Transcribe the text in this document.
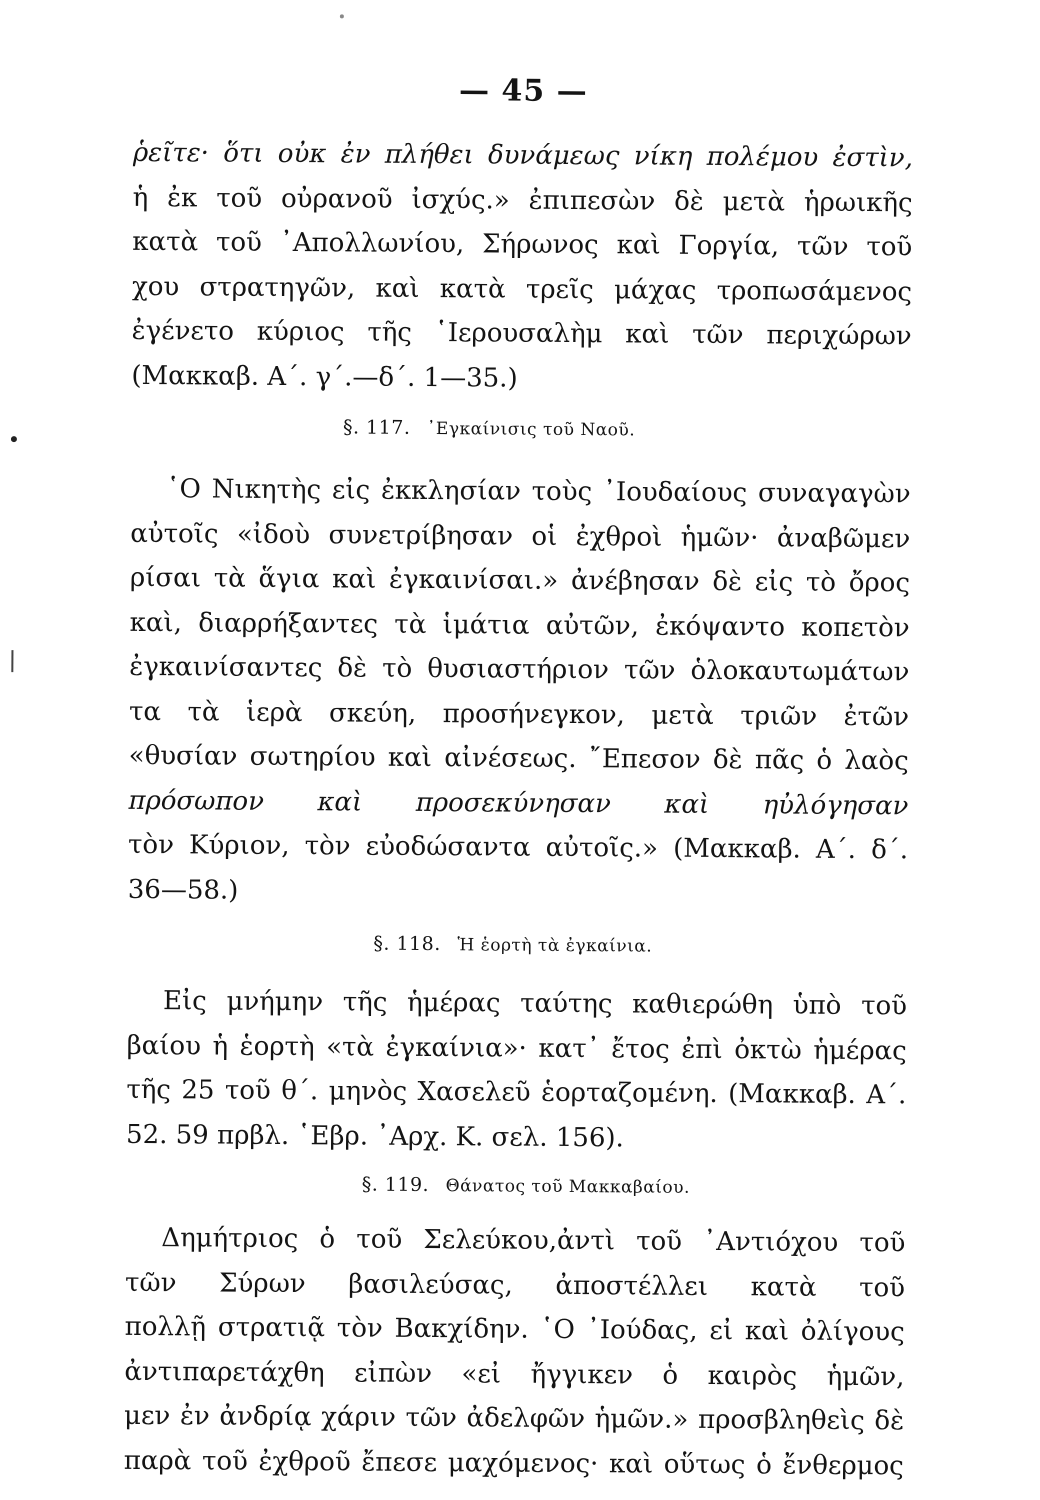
— 45 —
ῥεῖτε· ὅτι οὐκ ἐν πλήθει δυνάμεως νίκη πολέμου ἐστὶν,
ἡ ἐκ τοῦ οὐρανοῦ ἰσχύς.» ἐπιπεσὼν δὲ μετὰ ἡρωικῆς
κατὰ τοῦ ᾿Απολλωνίου, Σήρωνος καὶ Γοργία, τῶν τοῦ
χου στρατηγῶν, καὶ κατὰ τρεῖς μάχας τροπωσάμενος
ἐγένετο κύριος τῆς ῾Ιερουσαλὴμ καὶ τῶν περιχώρων
(Μακκαβ. Α΄. γ΄.—δ΄. 1—35.)
§. 117. ᾿Εγκαίνισις τοῦ Ναοῦ.
῾Ο Νικητὴς εἰς ἐκκλησίαν τοὺς ᾿Ιουδαίους συναγαγὼν
αὐτοῖς «ἰδοὺ συνετρίβησαν οἱ ἐχθροὶ ἡμῶν· ἀναβῶμεν
ρίσαι τὰ ἅγια καὶ ἐγκαινίσαι.» ἀνέβησαν δὲ εἰς τὸ ὄρος
καὶ, διαρρήξαντες τὰ ἱμάτια αὐτῶν, ἐκόψαντο κοπετὸν
ἐγκαινίσαντες δὲ τὸ θυσιαστήριον τῶν ὁλοκαυτωμάτων
τα τὰ ἱερὰ σκεύη, προσήνεγκον, μετὰ τριῶν ἐτῶν
«θυσίαν σωτηρίου καὶ αἰνέσεως. ῎Επεσον δὲ πᾶς ὁ λαὸς
πρόσωπον καὶ προσεκύνησαν καὶ ηὐλόγησαν
τὸν Κύριον, τὸν εὐοδώσαντα αὐτοῖς.» (Μακκαβ. Α΄. δ΄.
36—58.)
§. 118. Ἡ ἑορτὴ τὰ ἐγκαίνια.
Εἰς μνήμην τῆς ἡμέρας ταύτης καθιερώθη ὑπὸ τοῦ
βαίου ἡ ἑορτὴ «τὰ ἐγκαίνια»· κατ᾿ ἔτος ἐπὶ ὀκτὼ ἡμέρας
τῆς 25 τοῦ θ΄. μηνὸς Χασελεῦ ἑορταζομένη. (Μακκαβ. Α΄.
52. 59 πρβλ. ῾Εβρ. ᾿Αρχ. Κ. σελ. 156).
§. 119. Θάνατος τοῦ Μακκαβαίου.
Δημήτριος ὁ τοῦ Σελεύκου,ἀντὶ τοῦ ᾿Αντιόχου τοῦ
τῶν Σύρων βασιλεύσας, ἀποστέλλει κατὰ τοῦ
πολλῇ στρατιᾷ τὸν Βακχίδην. ῾Ο ᾿Ιούδας, εἰ καὶ ὀλίγους
ἀντιπαρετάχθη εἰπὼν «εἰ ἤγγικεν ὁ καιρὸς ἡμῶν,
μεν ἐν ἀνδρίᾳ χάριν τῶν ἀδελφῶν ἡμῶν.» προσβληθεὶς δὲ
παρὰ τοῦ ἐχθροῦ ἔπεσε μαχόμενος· καὶ οὕτως ὁ ἔνθερμος
